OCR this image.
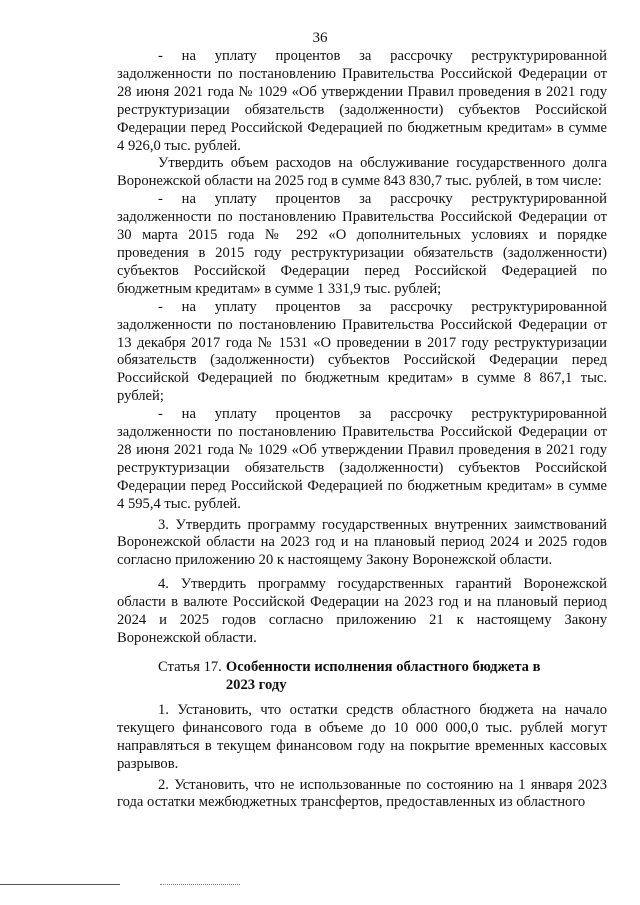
36

- на уплату процентов за рассрочку реструктурированной задолженности по постановлению Правительства Российской Федерации от 28 июня 2021 года № 1029 «Об утверждении Правил проведения в 2021 году реструктуризации обязательств (задолженности) субъектов Российской Федерации перед Российской Федерацией по бюджетным кредитам» в сумме 4 926,0 тыс. рублей.

Утвердить объем расходов на обслуживание государственного долга Воронежской области на 2025 год в сумме 843 830,7 тыс. рублей, в том числе:

- на уплату процентов за рассрочку реструктурированной задолженности по постановлению Правительства Российской Федерации от 30 марта 2015 года № 292 «О дополнительных условиях и порядке проведения в 2015 году реструктуризации обязательств (задолженности) субъектов Российской Федерации перед Российской Федерацией по бюджетным кредитам» в сумме 1 331,9 тыс. рублей;

- на уплату процентов за рассрочку реструктурированной задолженности по постановлению Правительства Российской Федерации от 13 декабря 2017 года № 1531 «О проведении в 2017 году реструктуризации обязательств (задолженности) субъектов Российской Федерации перед Российской Федерацией по бюджетным кредитам» в сумме 8 867,1 тыс. рублей;

- на уплату процентов за рассрочку реструктурированной задолженности по постановлению Правительства Российской Федерации от 28 июня 2021 года № 1029 «Об утверждении Правил проведения в 2021 году реструктуризации обязательств (задолженности) субъектов Российской Федерации перед Российской Федерацией по бюджетным кредитам» в сумме 4 595,4 тыс. рублей.

3. Утвердить программу государственных внутренних заимствований Воронежской области на 2023 год и на плановый период 2024 и 2025 годов согласно приложению 20 к настоящему Закону Воронежской области.

4. Утвердить программу государственных гарантий Воронежской области в валюте Российской Федерации на 2023 год и на плановый период 2024 и 2025 годов согласно приложению 21 к настоящему Закону Воронежской области.

Статья 17. Особенности исполнения областного бюджета в 2023 году

1. Установить, что остатки средств областного бюджета на начало текущего финансового года в объеме до 10 000 000,0 тыс. рублей могут направляться в текущем финансовом году на покрытие временных кассовых разрывов.

2. Установить, что не использованные по состоянию на 1 января 2023 года остатки межбюджетных трансфертов, предоставленных из областного
